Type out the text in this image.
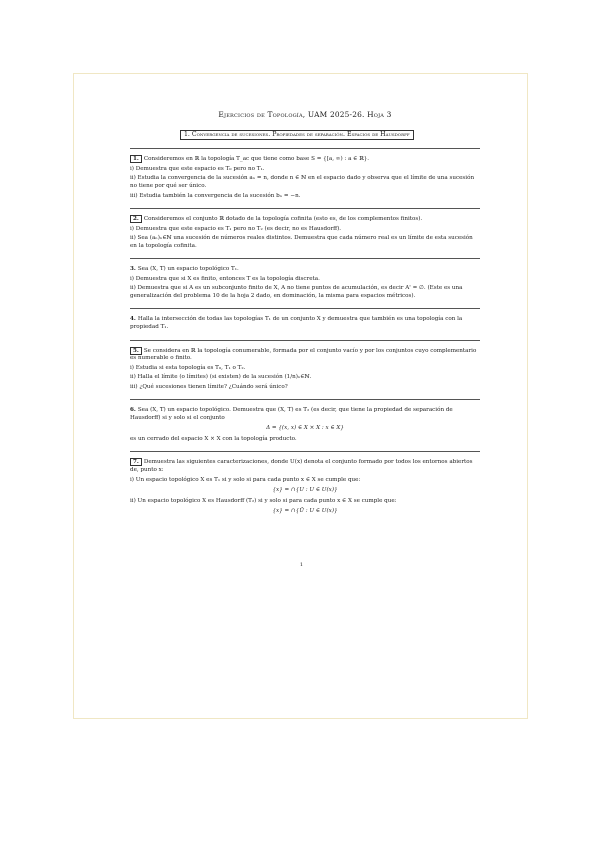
Ejercicios de Topología, UAM 2025-26. Hoja 3
1. Convergencia de sucesiones. Propiedades de separación. Espacios de Hausdorff
1. Consideremos en ℝ la topología T_ac que tiene como base S = {[a, ∞) : a ∈ ℝ}.
i) Demuestra que este espacio es T₀ pero no T₁.
ii) Estudia la convergencia de la sucesión aₙ = n, donde n ∈ ℕ en el espacio dado y observa que el límite de una sucesión no tiene por qué ser único.
iii) Estudia también la convergencia de la sucesión bₙ = −n.
2. Consideremos el conjunto ℝ dotado de la topología cofinita (esto es, de los complementos finitos).
i) Demuestra que este espacio es T₁ pero no T₂ (es decir, no es Hausdorff).
ii) Sea (aₙ)ₙ∈ℕ una sucesión de números reales distintos. Demuestra que cada número real es un límite de esta sucesión en la topología cofinita.
3. Sea (X, T) un espacio topológico T₁.
i) Demuestra que si X es finito, entonces T es la topología discreta.
ii) Demuestra que si A es un subconjunto finito de X, A no tiene puntos de acumulación, es decir A' = ∅. (Este es una generalización del problema 10 de la hoja 2 dado, en dominación, la misma para espacios métricos).
4. Halla la intersección de todas las topologías T₁ de un conjunto X y demuestra que también es una topología con la propiedad T₁.
5. Se considera en ℝ la topología conumerable, formada por el conjunto vacío y por los conjuntos cuyo complementario es numerable o finito.
i) Estudia si esta topología es T₀, T₁ o T₂.
ii) Halla el límite (o límites) (si existen) de la sucesión (1/n)ₙ∈ℕ.
iii) ¿Qué sucesiones tienen límite? ¿Cuándo será único?
6. Sea (X, T) un espacio topológico. Demuestra que (X, T) es T₂ (es decir, que tiene la propiedad de separación de Hausdorff) si y solo si el conjunto
Δ = {(x, x) ∈ X × X : x ∈ X}
es un cerrado del espacio X × X con la topología producto.
7. Demuestra las siguientes caracterizaciones, donde U(x) denota el conjunto formado por todos los entornos abiertos de, punto x:
i) Un espacio topológico X es T₁ si y solo si para cada punto x ∈ X se cumple que:
{x} = ∩{U : U ∈ U(x)}
ii) Un espacio topológico X es Hausdorff (T₂) si y solo si para cada punto x ∈ X se cumple que:
{x} = ∩{Ū : U ∈ U(x)}
1
